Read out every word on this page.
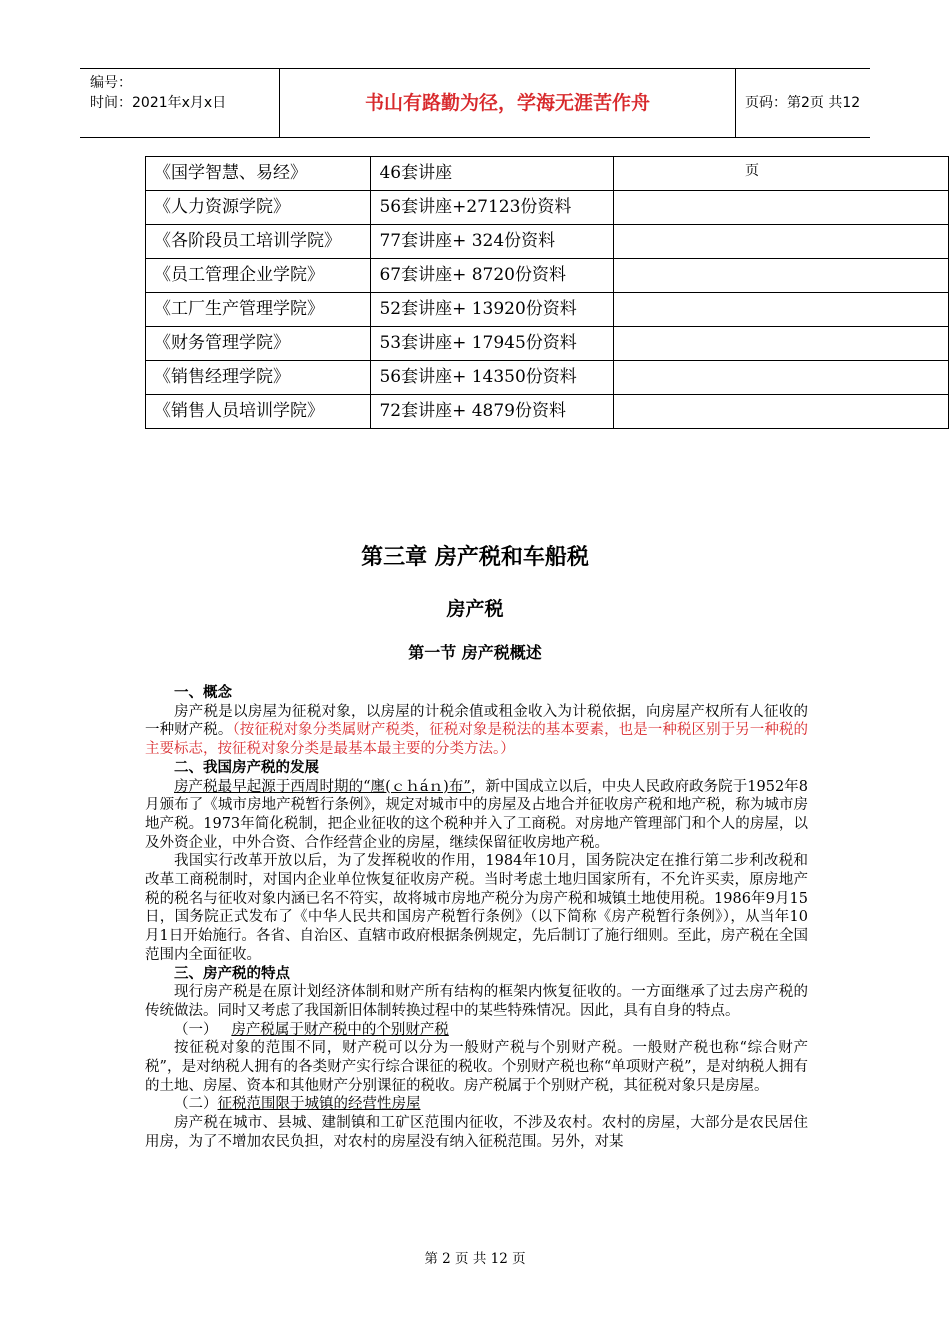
编号：
时间：2021年x月x日	书山有路勤为径，学海无涯苦作舟	页码：第2页 共12页
《国学智慧、易经》	46套讲座	
《人力资源学院》	56套讲座+27123份资料	
《各阶段员工培训学院》	77套讲座+ 324份资料	
《员工管理企业学院》	67套讲座+ 8720份资料	
《工厂生产管理学院》	52套讲座+ 13920份资料	
《财务管理学院》	53套讲座+ 17945份资料	
《销售经理学院》	56套讲座+ 14350份资料	
《销售人员培训学院》	72套讲座+ 4879份资料	
第三章 房产税和车船税
房产税
第一节 房产税概述
一、概念

房产税是以房屋为征税对象，以房屋的计税余值或租金收入为计税依据，向房屋产权所有人征收的一种财产税。（按征税对象分类属财产税类，征税对象是税法的基本要素，也是一种税区别于另一种税的主要标志，按征税对象分类是最基本最主要的分类方法。）

二、我国房产税的发展

房产税最早起源于西周时期的“廛(ｃｈáｎ)布”，新中国成立以后，中央人民政府政务院于1952年8月颁布了《城市房地产税暂行条例》，规定对城市中的房屋及占地合并征收房产税和地产税，称为城市房地产税。1973年简化税制，把企业征收的这个税种并入了工商税。对房地产管理部门和个人的房屋，以及外资企业，中外合资、合作经营企业的房屋，继续保留征收房地产税。

我国实行改革开放以后，为了发挥税收的作用，1984年10月，国务院决定在推行第二步利改税和改革工商税制时，对国内企业单位恢复征收房产税。当时考虑土地归国家所有，不允许买卖，原房地产税的税名与征收对象内涵已名不符实，故将城市房地产税分为房产税和城镇土地使用税。1986年9月15日，国务院正式发布了《中华人民共和国房产税暂行条例》（以下简称《房产税暂行条例》），从当年10月1日开始施行。各省、自治区、直辖市政府根据条例规定，先后制订了施行细则。至此，房产税在全国范围内全面征收。

三、房产税的特点

现行房产税是在原计划经济体制和财产所有结构的框架内恢复征收的。一方面继承了过去房产税的传统做法。同时又考虑了我国新旧体制转换过程中的某些特殊情况。因此，具有自身的特点。

（一） 房产税属于财产税中的个别财产税

按征税对象的范围不同，财产税可以分为一般财产税与个别财产税。一般财产税也称“综合财产税”，是对纳税人拥有的各类财产实行综合课征的税收。个别财产税也称“单项财产税”，是对纳税人拥有的土地、房屋、资本和其他财产分别课征的税收。房产税属于个别财产税，其征税对象只是房屋。

（二）征税范围限于城镇的经营性房屋

房产税在城市、县城、建制镇和工矿区范围内征收，不涉及农村。农村的房屋，大部分是农民居住用房，为了不增加农民负担，对农村的房屋没有纳入征税范围。另外，对某

第 2 页 共 12 页
